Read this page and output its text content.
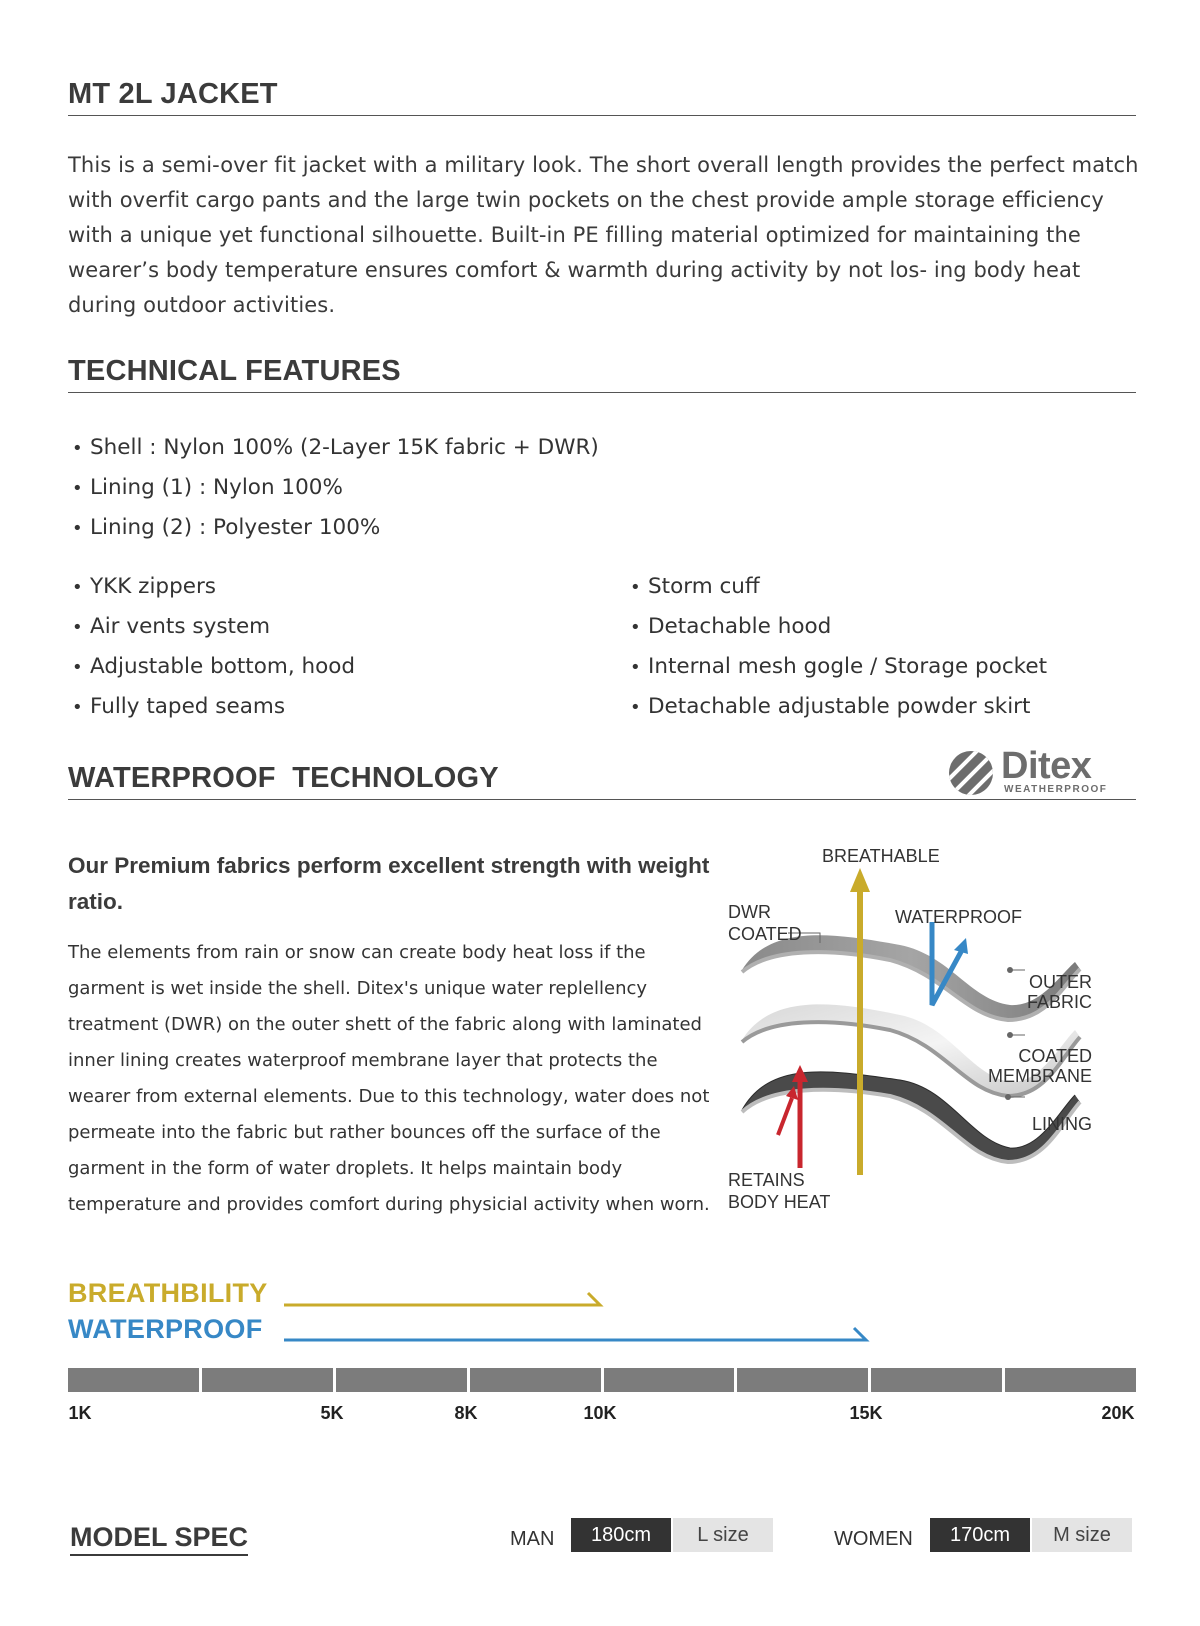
MT 2L JACKET

This is a semi-over fit jacket with a military look. The short overall length provides the perfect match with overfit cargo pants and the large twin pockets on the chest provide ample storage efficiency with a unique yet functional silhouette. Built-in PE filling material optimized for maintaining the wearer’s body temperature ensures comfort & warmth during activity by not los- ing body heat during outdoor activities.

TECHNICAL FEATURES
• Shell : Nylon 100% (2-Layer 15K fabric + DWR)
• Lining (1) : Nylon 100%
• Lining (2) : Polyester 100%
• YKK zippers
• Air vents system
• Adjustable bottom, hood
• Fully taped seams
• Storm cuff
• Detachable hood
• Internal mesh gogle / Storage pocket
• Detachable adjustable powder skirt
WATERPROOF  TECHNOLOGY	Ditex
WEATHERPROOF
Our Premium fabrics perform excellent strength with weight ratio.

The elements from rain or snow can create body heat loss if the garment is wet inside the shell. Ditex's unique water replellency treatment (DWR) on the outer shett of the fabric along with laminated inner lining creates waterproof membrane layer that protects the wearer from external elements. Due to this technology, water does not permeate into the fabric but rather bounces off the surface of the garment in the form of water droplets. It helps maintain body temperature and provides comfort during physicial activity when worn.

BREATHABLE
WATERPROOF
DWR
COATED
OUTER
FABRIC
COATED
MEMBRANE
LINING
RETAINS
BODY HEAT
BREATHBILITY
WATERPROOF
1K	5K	8K	10K	15K	20K
MODEL SPEC	MAN	180cm	L size	WOMEN	170cm	M size
